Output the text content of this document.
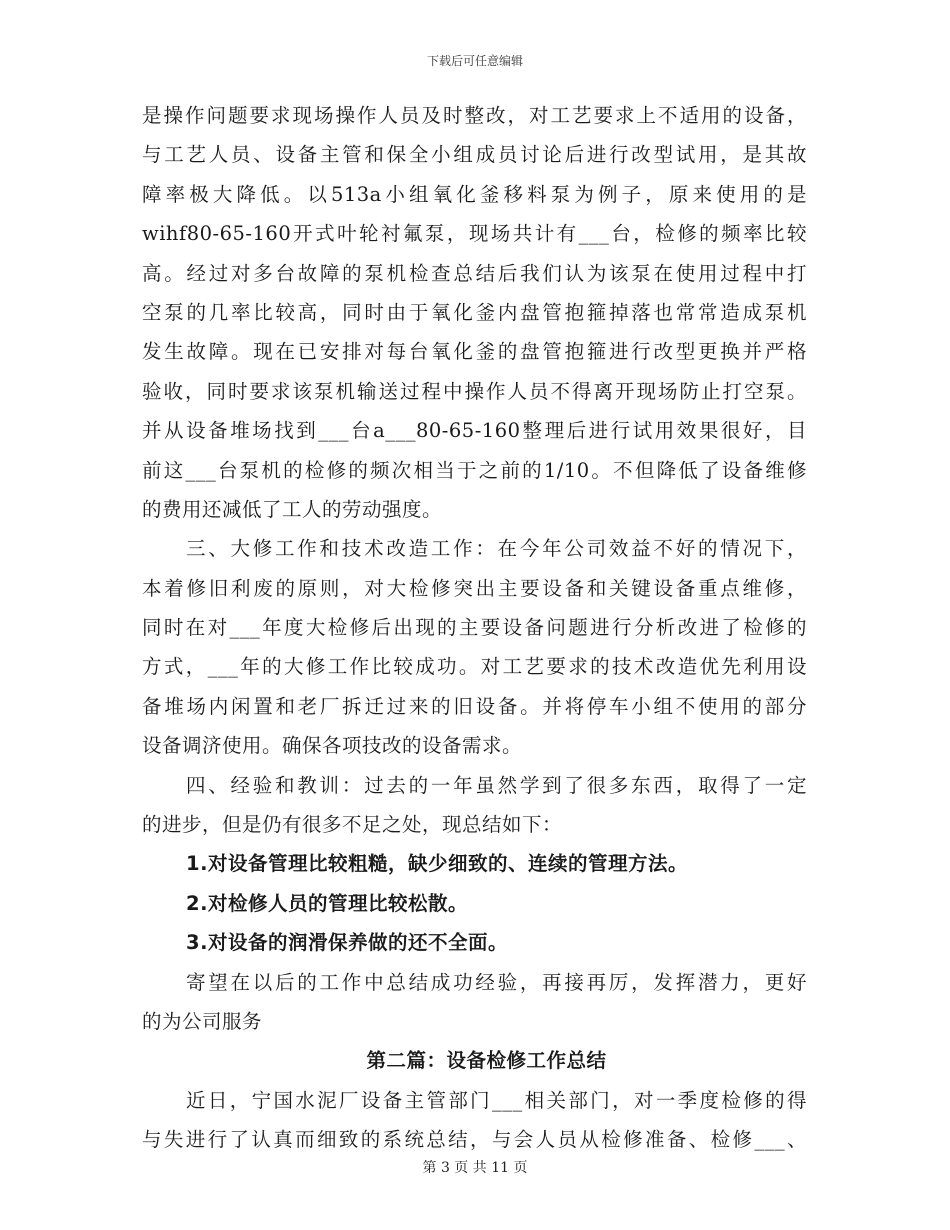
下载后可任意编辑
是操作问题要求现场操作人员及时整改，对工艺要求上不适用的设备，
与工艺人员、设备主管和保全小组成员讨论后进行改型试用，是其故
障率极大降低。以513a小组氧化釜移料泵为例子，原来使用的是
wihf80-65-160开式叶轮衬氟泵，现场共计有___台，检修的频率比较
高。经过对多台故障的泵机检查总结后我们认为该泵在使用过程中打
空泵的几率比较高，同时由于氧化釜内盘管抱箍掉落也常常造成泵机
发生故障。现在已安排对每台氧化釜的盘管抱箍进行改型更换并严格
验收，同时要求该泵机输送过程中操作人员不得离开现场防止打空泵。
并从设备堆场找到___台a___80-65-160整理后进行试用效果很好，目
前这___台泵机的检修的频次相当于之前的1/10。不但降低了设备维修
的费用还减低了工人的劳动强度。
三、大修工作和技术改造工作：在今年公司效益不好的情况下，
本着修旧利废的原则，对大检修突出主要设备和关键设备重点维修，
同时在对___年度大检修后出现的主要设备问题进行分析改进了检修的
方式，___年的大修工作比较成功。对工艺要求的技术改造优先利用设
备堆场内闲置和老厂拆迁过来的旧设备。并将停车小组不使用的部分
设备调济使用。确保各项技改的设备需求。
四、经验和教训：过去的一年虽然学到了很多东西，取得了一定
的进步，但是仍有很多不足之处，现总结如下：
1.对设备管理比较粗糙，缺少细致的、连续的管理方法。
2.对检修人员的管理比较松散。
3.对设备的润滑保养做的还不全面。
寄望在以后的工作中总结成功经验，再接再厉，发挥潜力，更好
的为公司服务
第二篇：设备检修工作总结
近日，宁国水泥厂设备主管部门___相关部门，对一季度检修的得
与失进行了认真而细致的系统总结，与会人员从检修准备、检修___、
第 3 页 共 11 页
